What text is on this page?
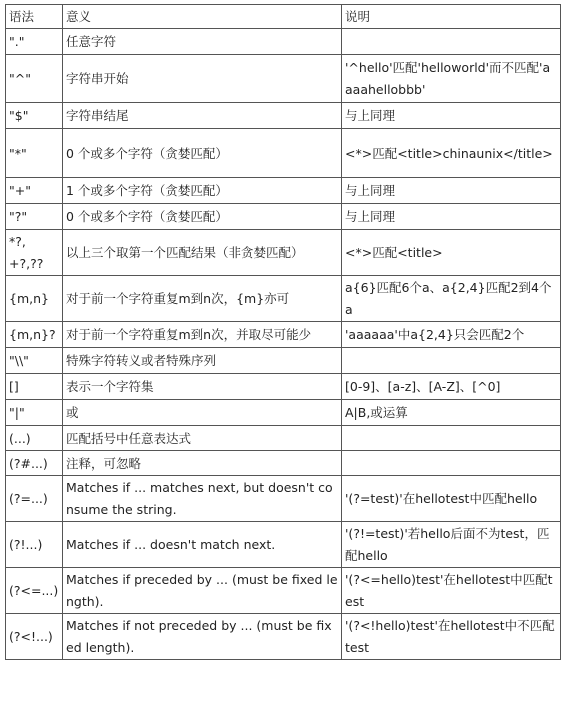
语法	意义	说明
"."	任意字符	
"^"	字符串开始	'^hello'匹配'helloworld'而不匹配'aaaahellobbb'
"$"	字符串结尾	与上同理
"*"	0 个或多个字符（贪婪匹配）	<*>匹配<title>chinaunix</title>
"+"	1 个或多个字符（贪婪匹配）	与上同理
"?"	0 个或多个字符（贪婪匹配）	与上同理
*?,+?,??	以上三个取第一个匹配结果（非贪婪匹配）	<*>匹配<title>
{m,n}	对于前一个字符重复m到n次，{m}亦可	a{6}匹配6个a、a{2,4}匹配2到4个a
{m,n}?	对于前一个字符重复m到n次，并取尽可能少	'aaaaaa'中a{2,4}只会匹配2个
"\\"	特殊字符转义或者特殊序列	
[]	表示一个字符集	[0-9]、[a-z]、[A-Z]、[^0]
"|"	或	A|B,或运算
(...)	匹配括号中任意表达式	
(?#...)	注释，可忽略	
(?=...)	Matches if ... matches next, but doesn't consume the string.	'(?=test)'在hellotest中匹配hello
(?!...)	Matches if ... doesn't match next.	'(?!=test)'若hello后面不为test，匹配hello
(?<=...)	Matches if preceded by ... (must be fixed length).	'(?<=hello)test'在hellotest中匹配test
(?<!...)	Matches if not preceded by ... (must be fixed length).	'(?<!hello)test'在hellotest中不匹配test
